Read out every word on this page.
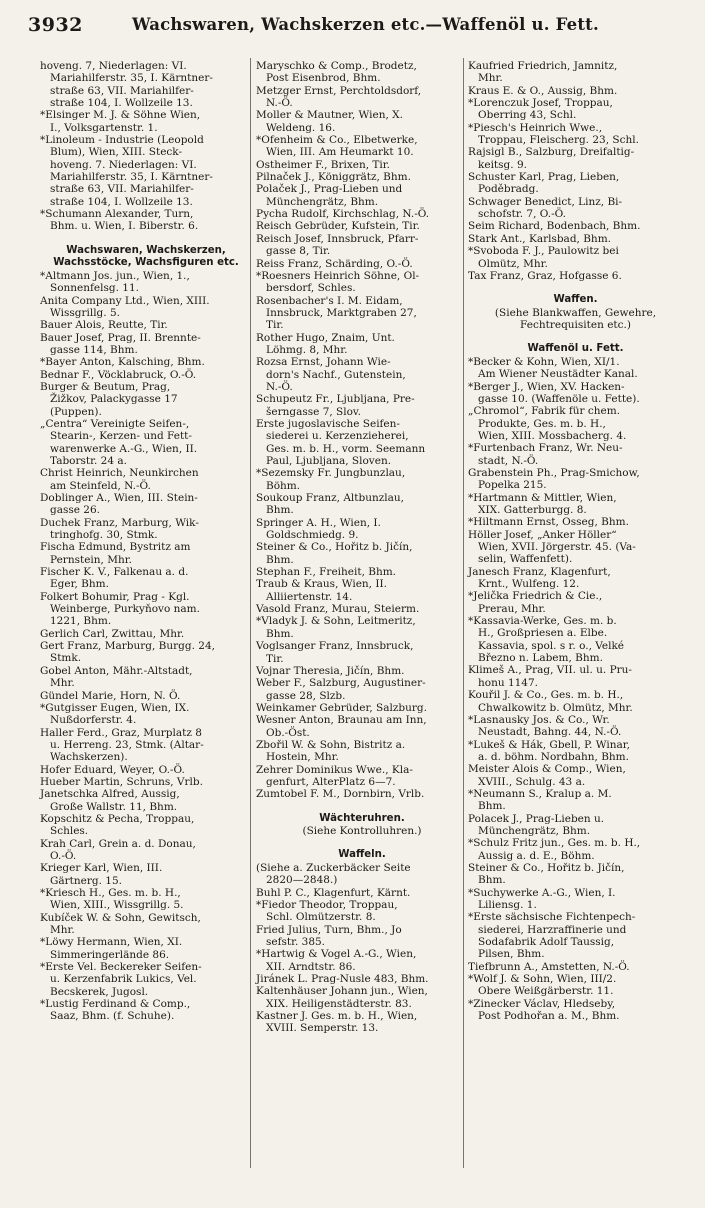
3932	Wachswaren, Wachskerzen etc.—Waffenöl u. Fett.
hoveng. 7, Niederlagen: VI.
Mariahilferstr. 35, I. Kärntner-
straße 63, VII. Mariahilfer-
straße 104, I. Wollzeile 13.
*Elsinger M. J. & Söhne Wien,
I., Volksgartenstr. 1.
*Linoleum - Industrie (Leopold
Blum), Wien, XIII. Steck-
hoveng. 7. Niederlagen: VI.
Mariahilferstr. 35, I. Kärntner-
straße 63, VII. Mariahilfer-
straße 104, I. Wollzeile 13.
*Schumann Alexander, Turn,
Bhm. u. Wien, I. Biberstr. 6.
Wachswaren, Wachskerzen,
Wachsstöcke, Wachsfiguren etc.
*Altmann Jos. jun., Wien, 1.,
Sonnenfelsg. 11.
Anita Company Ltd., Wien, XIII.
Wissgrillg. 5.
Bauer Alois, Reutte, Tir.
Bauer Josef, Prag, II. Brennte-
gasse 114, Bhm.
*Bayer Anton, Kalsching, Bhm.
Bednar F., Vöcklabruck, O.-Ö.
Burger & Beutum, Prag,
Žižkov, Palackygasse 17
(Puppen).
„Centra“ Vereinigte Seifen-,
Stearin-, Kerzen- und Fett-
warenwerke A.-G., Wien, II.
Taborstr. 24 a.
Christ Heinrich, Neunkirchen
am Steinfeld, N.-Ö.
Doblinger A., Wien, III. Stein-
gasse 26.
Duchek Franz, Marburg, Wik-
tringhofg. 30, Stmk.
Fischa Edmund, Bystritz am
Pernstein, Mhr.
Fischer K. V., Falkenau a. d.
Eger, Bhm.
Folkert Bohumir, Prag - Kgl.
Weinberge, Purkyňovo nam.
1221, Bhm.
Gerlich Carl, Zwittau, Mhr.
Gert Franz, Marburg, Burgg. 24,
Stmk.
Gobel Anton, Mähr.-Altstadt,
Mhr.
Gündel Marie, Horn, N. Ö.
*Gutgisser Eugen, Wien, IX.
Nußdorferstr. 4.
Haller Ferd., Graz, Murplatz 8
u. Herreng. 23, Stmk. (Altar-
Wachskerzen).
Hofer Eduard, Weyer, O.-Ö.
Hueber Martin, Schruns, Vrlb.
Janetschka Alfred, Aussig,
Große Wallstr. 11, Bhm.
Kopschitz & Pecha, Troppau,
Schles.
Krah Carl, Grein a. d. Donau,
O.-Ö.
Krieger Karl, Wien, III.
Gärtnerg. 15.
*Kriesch H., Ges. m. b. H.,
Wien, XIII., Wissgrillg. 5.
Kubíček W. & Sohn, Gewitsch,
Mhr.
*Löwy Hermann, Wien, XI.
Simmeringerlände 86.
*Erste Vel. Beckereker Seifen-
u. Kerzenfabrik Lukics, Vel.
Becskerek, Jugosl.
*Lustig Ferdinand & Comp.,
Saaz, Bhm. (f. Schuhe).
Maryschko & Comp., Brodetz,
Post Eisenbrod, Bhm.
Metzger Ernst, Perchtoldsdorf,
N.-Ö.
Moller & Mautner, Wien, X.
Weldeng. 16.
*Ofenheim & Co., Elbetwerke,
Wien, III. Am Heumarkt 10.
Ostheimer F., Brixen, Tir.
Pilnaček J., Königgrätz, Bhm.
Polaček J., Prag-Lieben und
Münchengrätz, Bhm.
Pycha Rudolf, Kirchschlag, N.-Ö.
Reisch Gebrüder, Kufstein, Tir.
Reisch Josef, Innsbruck, Pfarr-
gasse 8, Tir.
Reiss Franz, Schärding, O.-Ö.
*Roesners Heinrich Söhne, Ol-
bersdorf, Schles.
Rosenbacher's I. M. Eidam,
Innsbruck, Marktgraben 27,
Tir.
Rother Hugo, Znaim, Unt.
Löhmg. 8, Mhr.
Rozsa Ernst, Johann Wie-
dorn's Nachf., Gutenstein,
N.-Ö.
Schupeutz Fr., Ljubljana, Pre-
šerngasse 7, Slov.
Erste jugoslavische Seifen-
siederei u. Kerzenzieherei,
Ges. m. b. H., vorm. Seemann
Paul, Ljubljana, Sloven.
*Sezemsky Fr. Jungbunzlau,
Böhm.
Soukoup Franz, Altbunzlau,
Bhm.
Springer A. H., Wien, I.
Goldschmiedg. 9.
Steiner & Co., Hořitz b. Jičín,
Bhm.
Stephan F., Freiheit, Bhm.
Traub & Kraus, Wien, II.
Alliiertenstr. 14.
Vasold Franz, Murau, Steierm.
*Vladyk J. & Sohn, Leitmeritz,
Bhm.
Voglsanger Franz, Innsbruck,
Tir.
Vojnar Theresia, Jičín, Bhm.
Weber F., Salzburg, Augustiner-
gasse 28, Slzb.
Weinkamer Gebrüder, Salzburg.
Wesner Anton, Braunau am Inn,
Ob.-Öst.
Zbořil W. & Sohn, Bistritz a.
Hostein, Mhr.
Zehrer Dominikus Wwe., Kla-
genfurt, AlterPlatz 6—7.
Zumtobel F. M., Dornbirn, Vrlb.
Wächteruhren.
(Siehe Kontrolluhren.)
Waffeln.
(Siehe a. Zuckerbäcker Seite
2820—2848.)
Buhl P. C., Klagenfurt, Kärnt.
*Fiedor Theodor, Troppau,
Schl. Olmützerstr. 8.
Fried Julius, Turn, Bhm., Jo
sefstr. 385.
*Hartwig & Vogel A.-G., Wien,
XII. Arndtstr. 86.
Jiránek L. Prag-Nusle 483, Bhm.
Kaltenhäuser Johann jun., Wien,
XIX. Heiligenstädterstr. 83.
Kastner J. Ges. m. b. H., Wien,
XVIII. Semperstr. 13.
Kaufried Friedrich, Jamnitz,
Mhr.
Kraus E. & O., Aussig, Bhm.
*Lorenczuk Josef, Troppau,
Oberring 43, Schl.
*Piesch's Heinrich Wwe.,
Troppau, Fleischerg. 23, Schl.
Rajsigl B., Salzburg, Dreifaltig-
keitsg. 9.
Schuster Karl, Prag, Lieben,
Poděbradg.
Schwager Benedict, Linz, Bi-
schofstr. 7, O.-Ö.
Seim Richard, Bodenbach, Bhm.
Stark Ant., Karlsbad, Bhm.
*Svoboda F. J., Paulowitz bei
Olmütz, Mhr.
Tax Franz, Graz, Hofgasse 6.
Waffen.
(Siehe Blankwaffen, Gewehre,
Fechtrequisiten etc.)
Waffenöl u. Fett.
*Becker & Kohn, Wien, XI/1.
Am Wiener Neustädter Kanal.
*Berger J., Wien, XV. Hacken-
gasse 10. (Waffenöle u. Fette).
„Chromol“, Fabrik für chem.
Produkte, Ges. m. b. H.,
Wien, XIII. Mossbacherg. 4.
*Furtenbach Franz, Wr. Neu-
stadt, N.-Ö.
Grabenstein Ph., Prag-Smichow,
Popelka 215.
*Hartmann & Mittler, Wien,
XIX. Gatterburgg. 8.
*Hiltmann Ernst, Osseg, Bhm.
Höller Josef, „Anker Höller“
Wien, XVII. Jörgerstr. 45. (Va-
selin, Waffenfett).
Janesch Franz, Klagenfurt,
Krnt., Wulfeng. 12.
*Jelička Friedrich & Cie.,
Prerau, Mhr.
*Kassavia-Werke, Ges. m. b.
H., Großpriesen a. Elbe.
Kassavia, spol. s r. o., Velké
Březno n. Labem, Bhm.
Klimeš A., Prag, VII. ul. u. Pru-
honu 1147.
Kouřil J. & Co., Ges. m. b. H.,
Chwalkowitz b. Olmütz, Mhr.
*Lasnausky Jos. & Co., Wr.
Neustadt, Bahng. 44, N.-Ö.
*Lukeš & Hák, Gbell, P. Winar,
a. d. böhm. Nordbahn, Bhm.
Meister Alois & Comp., Wien,
XVIII., Schulg. 43 a.
*Neumann S., Kralup a. M.
Bhm.
Polacek J., Prag-Lieben u.
Münchengrätz, Bhm.
*Schulz Fritz jun., Ges. m. b. H.,
Aussig a. d. E., Böhm.
Steiner & Co., Hořitz b. Jičín,
Bhm.
*Suchywerke A.-G., Wien, I.
Liliensg. 1.
*Erste sächsische Fichtenpech-
siederei, Harzraffinerie und
Sodafabrik Adolf Taussig,
Pilsen, Bhm.
Tiefbrunn A., Amstetten, N.-Ö.
*Wolf J. & Sohn, Wien, III/2.
Obere Weißgärberstr. 11.
*Zinecker Václav, Hledseby,
Post Podhořan a. M., Bhm.
